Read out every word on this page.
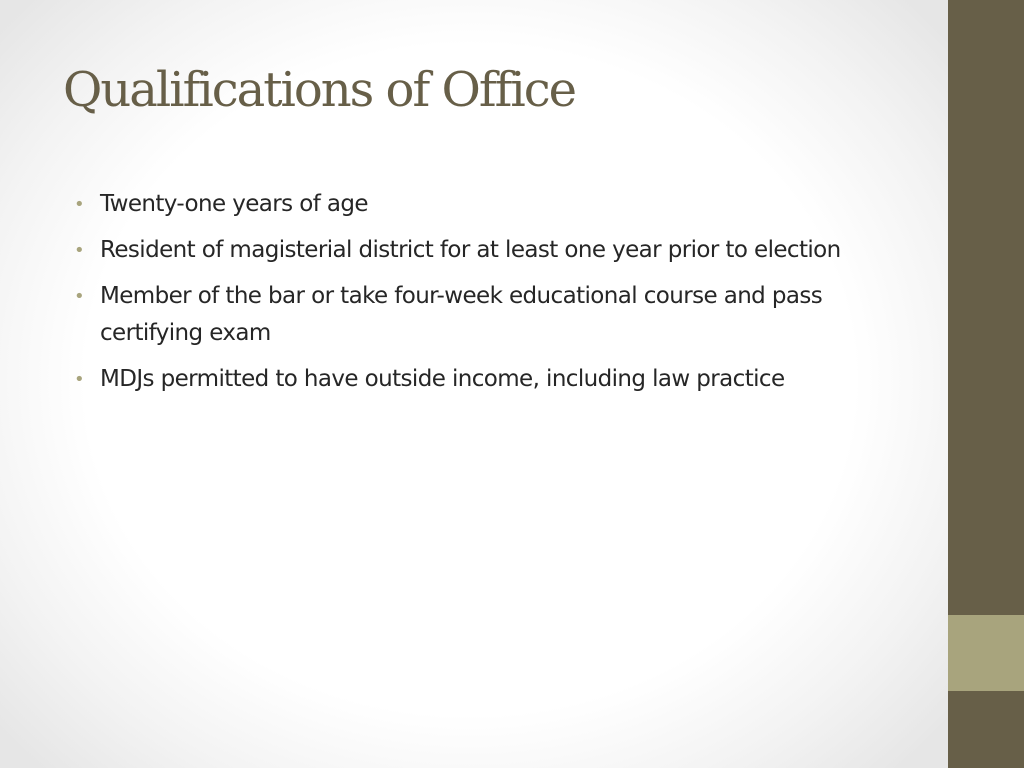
Qualifications of Office
• Twenty-one years of age
• Resident of magisterial district for at least one year prior to election
• Member of the bar or take four-week educational course and pass certifying exam
• MDJs permitted to have outside income, including law practice
